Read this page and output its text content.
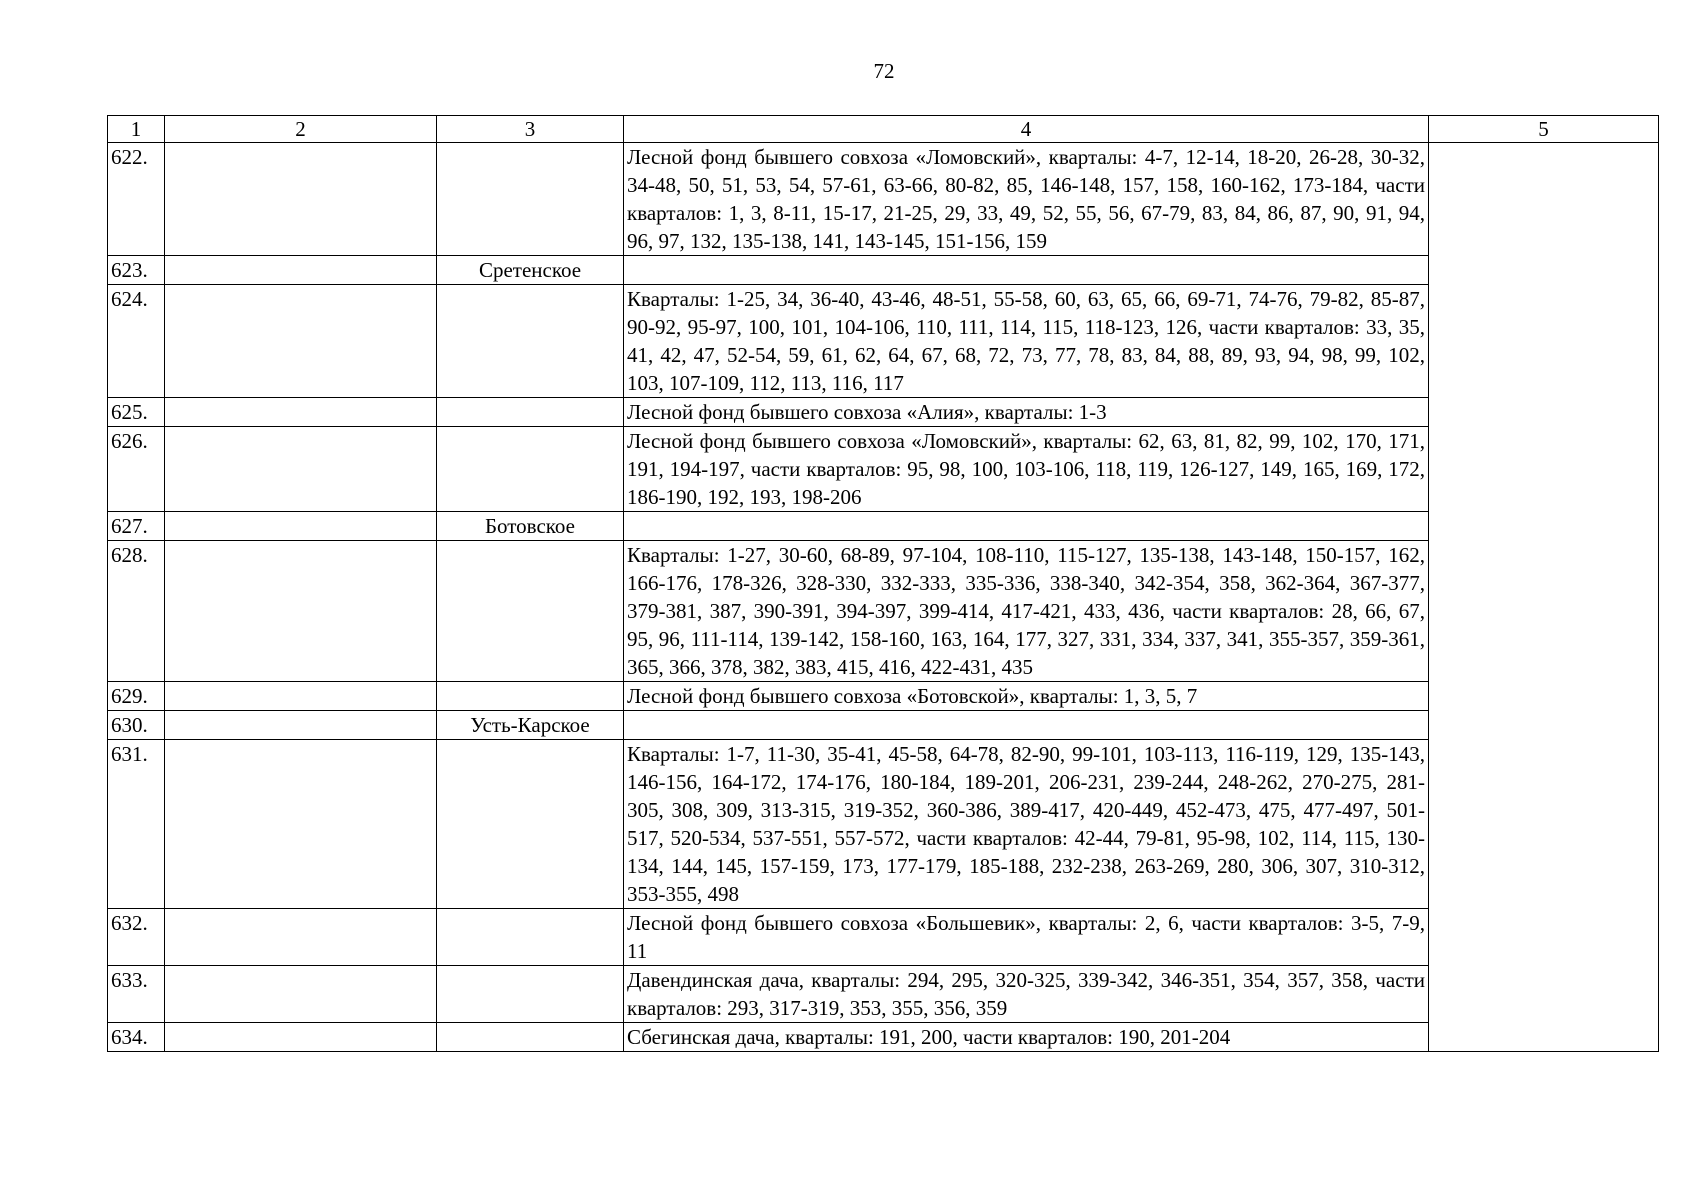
72
1	2	3	4	5
622.			Лесной фонд бывшего совхоза «Ломовский», кварталы: 4-7, 12-14, 18-20, 26-28, 30-32, 34-48, 50, 51, 53, 54, 57-61, 63-66, 80-82, 85, 146-148, 157, 158, 160-162, 173-184, части кварталов: 1, 3, 8-11, 15-17, 21-25, 29, 33, 49, 52, 55, 56, 67-79, 83, 84, 86, 87, 90, 91, 94, 96, 97, 132, 135-138, 141, 143-145, 151-156, 159	
623.		Сретенское		
624.			Кварталы: 1-25, 34, 36-40, 43-46, 48-51, 55-58, 60, 63, 65, 66, 69-71, 74-76, 79-82, 85-87, 90-92, 95-97, 100, 101, 104-106, 110, 111, 114, 115, 118-123, 126, части кварталов: 33, 35, 41, 42, 47, 52-54, 59, 61, 62, 64, 67, 68, 72, 73, 77, 78, 83, 84, 88, 89, 93, 94, 98, 99, 102, 103, 107-109, 112, 113, 116, 117	
625.			Лесной фонд бывшего совхоза «Алия», кварталы: 1-3	
626.			Лесной фонд бывшего совхоза «Ломовский», кварталы: 62, 63, 81, 82, 99, 102, 170, 171, 191, 194-197, части кварталов: 95, 98, 100, 103-106, 118, 119, 126-127, 149, 165, 169, 172, 186-190, 192, 193, 198-206	
627.		Ботовское		
628.			Кварталы: 1-27, 30-60, 68-89, 97-104, 108-110, 115-127, 135-138, 143-148, 150-157, 162, 166-176, 178-326, 328-330, 332-333, 335-336, 338-340, 342-354, 358, 362-364, 367-377, 379-381, 387, 390-391, 394-397, 399-414, 417-421, 433, 436, части кварталов: 28, 66, 67, 95, 96, 111-114, 139-142, 158-160, 163, 164, 177, 327, 331, 334, 337, 341, 355-357, 359-361, 365, 366, 378, 382, 383, 415, 416, 422-431, 435	
629.			Лесной фонд бывшего совхоза «Ботовской», кварталы: 1, 3, 5, 7	
630.		Усть-Карское		
631.			Кварталы: 1-7, 11-30, 35-41, 45-58, 64-78, 82-90, 99-101, 103-113, 116-119, 129, 135-143, 146-156, 164-172, 174-176, 180-184, 189-201, 206-231, 239-244, 248-262, 270-275, 281-305, 308, 309, 313-315, 319-352, 360-386, 389-417, 420-449, 452-473, 475, 477-497, 501-517, 520-534, 537-551, 557-572, части кварталов: 42-44, 79-81, 95-98, 102, 114, 115, 130-134, 144, 145, 157-159, 173, 177-179, 185-188, 232-238, 263-269, 280, 306, 307, 310-312, 353-355, 498	
632.			Лесной фонд бывшего совхоза «Большевик», кварталы: 2, 6, части кварталов: 3-5, 7-9, 11	
633.			Давендинская дача, кварталы: 294, 295, 320-325, 339-342, 346-351, 354, 357, 358, части кварталов: 293, 317-319, 353, 355, 356, 359	
634.			Сбегинская дача, кварталы: 191, 200, части кварталов: 190, 201-204	
